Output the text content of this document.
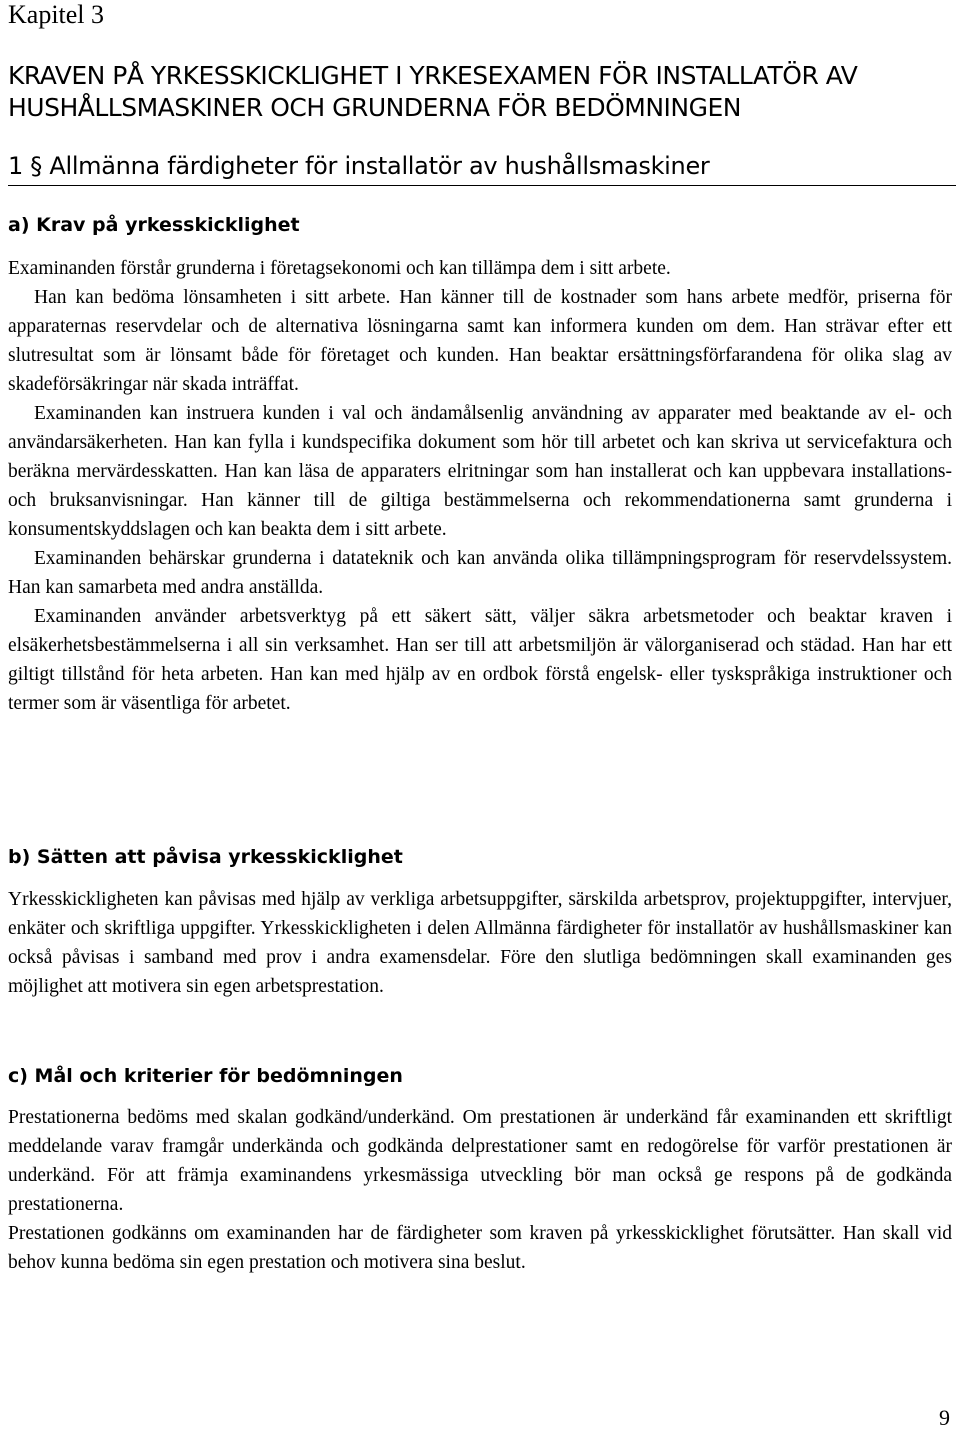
Kapitel 3
KRAVEN PÅ YRKESSKICKLIGHET I YRKESEXAMEN FÖR INSTALLATÖR AV HUSHÅLLSMASKINER OCH GRUNDERNA FÖR BEDÖMNINGEN
1 § Allmänna färdigheter för installatör av hushållsmaskiner
a) Krav på yrkesskicklighet

Examinanden förstår grunderna i företagsekonomi och kan tillämpa dem i sitt arbete.

Han kan bedöma lönsamheten i sitt arbete. Han känner till de kostnader som hans arbete medför, priserna för apparaternas reservdelar och de alternativa lösningarna samt kan informera kunden om dem. Han strävar efter ett slutresultat som är lönsamt både för företaget och kunden. Han beaktar ersättningsförfarandena för olika slag av skadeförsäkringar när skada inträffat.

Examinanden kan instruera kunden i val och ändamålsenlig användning av apparater med beaktande av el- och användarsäkerheten. Han kan fylla i kundspecifika dokument som hör till arbetet och kan skriva ut servicefaktura och beräkna mervärdesskatten. Han kan läsa de apparaters elritningar som han installerat och kan uppbevara installations- och bruksanvisningar. Han känner till de giltiga bestämmelserna och rekommendationerna samt grunderna i konsumentskyddslagen och kan beakta dem i sitt arbete.

Examinanden behärskar grunderna i datateknik och kan använda olika tillämpningsprogram för reservdelssystem. Han kan samarbeta med andra anställda.

Examinanden använder arbetsverktyg på ett säkert sätt, väljer säkra arbetsmetoder och beaktar kraven i elsäkerhetsbestämmelserna i all sin verksamhet. Han ser till att arbetsmiljön är välorganiserad och städad. Han har ett giltigt tillstånd för heta arbeten. Han kan med hjälp av en ordbok förstå engelsk- eller tyskspråkiga instruktioner och termer som är väsentliga för arbetet.

b) Sätten att påvisa yrkesskicklighet

Yrkesskickligheten kan påvisas med hjälp av verkliga arbetsuppgifter, särskilda arbetsprov, projektuppgifter, intervjuer, enkäter och skriftliga uppgifter. Yrkesskickligheten i delen Allmänna färdigheter för installatör av hushållsmaskiner kan också påvisas i samband med prov i andra examensdelar. Före den slutliga bedömningen skall examinanden ges möjlighet att motivera sin egen arbetsprestation.

c) Mål och kriterier för bedömningen

Prestationerna bedöms med skalan godkänd/underkänd. Om prestationen är underkänd får examinanden ett skriftligt meddelande varav framgår underkända och godkända delprestationer samt en redogörelse för varför prestationen är underkänd. För att främja examinandens yrkesmässiga utveckling bör man också ge respons på de godkända prestationerna.

Prestationen godkänns om examinanden har de färdigheter som kraven på yrkesskicklighet förutsätter. Han skall vid behov kunna bedöma sin egen prestation och motivera sina beslut.

9
